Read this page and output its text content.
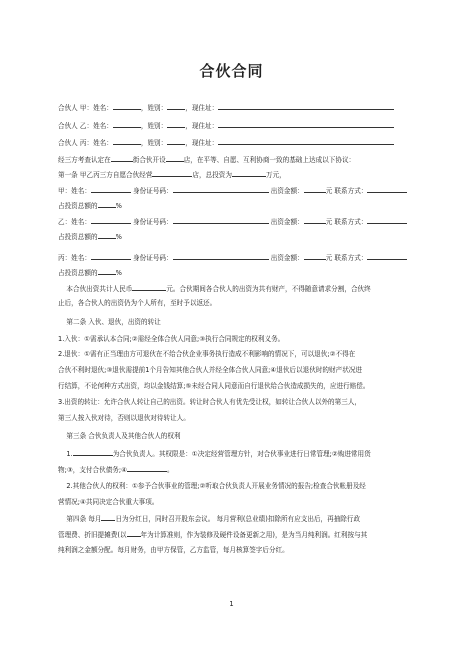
合伙合同
合伙人 甲：姓名：	，姓别：	，现住址：
合伙人 乙：姓名：	，姓别：	，现住址：
合伙人 丙：姓名：	，姓别：	，现住址：
经三方考查认定在	街合伙开设	店，在平等、自愿、互利协商一致的基础上达成以下协议：
第一条 甲乙丙三方自愿合伙经营	店，总投资为	万元，
甲：姓名：	身份证号码：	出资金额：	元 联系方式：
占投资总额的	%
乙：姓名：	身份证号码：	出资金额：	元 联系方式：
占投资总额的	%
丙：姓名：	身份证号码：	出资金额：	元 联系方式：
占投资总额的	%
本合伙出资共计人民币	元。合伙期间各合伙人的出资为共有财产，不得随意请求分割，合伙终
止后，各合伙人的出资仍为个人所有，至时予以返还。
第二条 入伙、退伙，出资的转让
1.入伙：①需承认本合同;②需经全体合伙人同意;③执行合同规定的权利义务。
2.退伙：①需有正当理由方可退伙在不给合伙企业事务执行造成不利影响的情况下，可以退伙;②不得在
合伙不利时退伙;③退伙需提前1个月告知其他合伙人并经全体合伙人同意;④退伙后以退伙时的财产状况进
行结算，不论何种方式出资，均以金钱结算;⑤未经合同人同意而自行退伙给合伙造成损失的，应进行赔偿。
3.出资的转让：允许合伙人转让自己的出资。转让时合伙人有优先受让权，如转让合伙人以外的第三人，
第三人按入伙对待，否则以退伙对待转让人。
第三条 合伙负责人及其他合伙人的权利
1.	为合伙负责人。其权限是：①决定经营管理方针，对合伙事业进行日常管理;②购进常用货
物;③，支付合伙债务;④	。
2.其他合伙人的权利：①参予合伙事业的管理;②听取合伙负责人开展业务情况的报告;检查合伙帐册及经
营情况;④共同决定合伙重大事项。
第四条 每月 日为分红日，同时召开股东会议。 每月营利(总业绩)扣除所有应支出后，再抽除行政
管理费、折旧提摊费(以 年为计算准则，作为装修及硬件设备更新之用)，是为当月纯利润。红利按与其
纯利润之金额分配。每月财务，由甲方保管，乙方监管，每月核算签字后分红。
1
